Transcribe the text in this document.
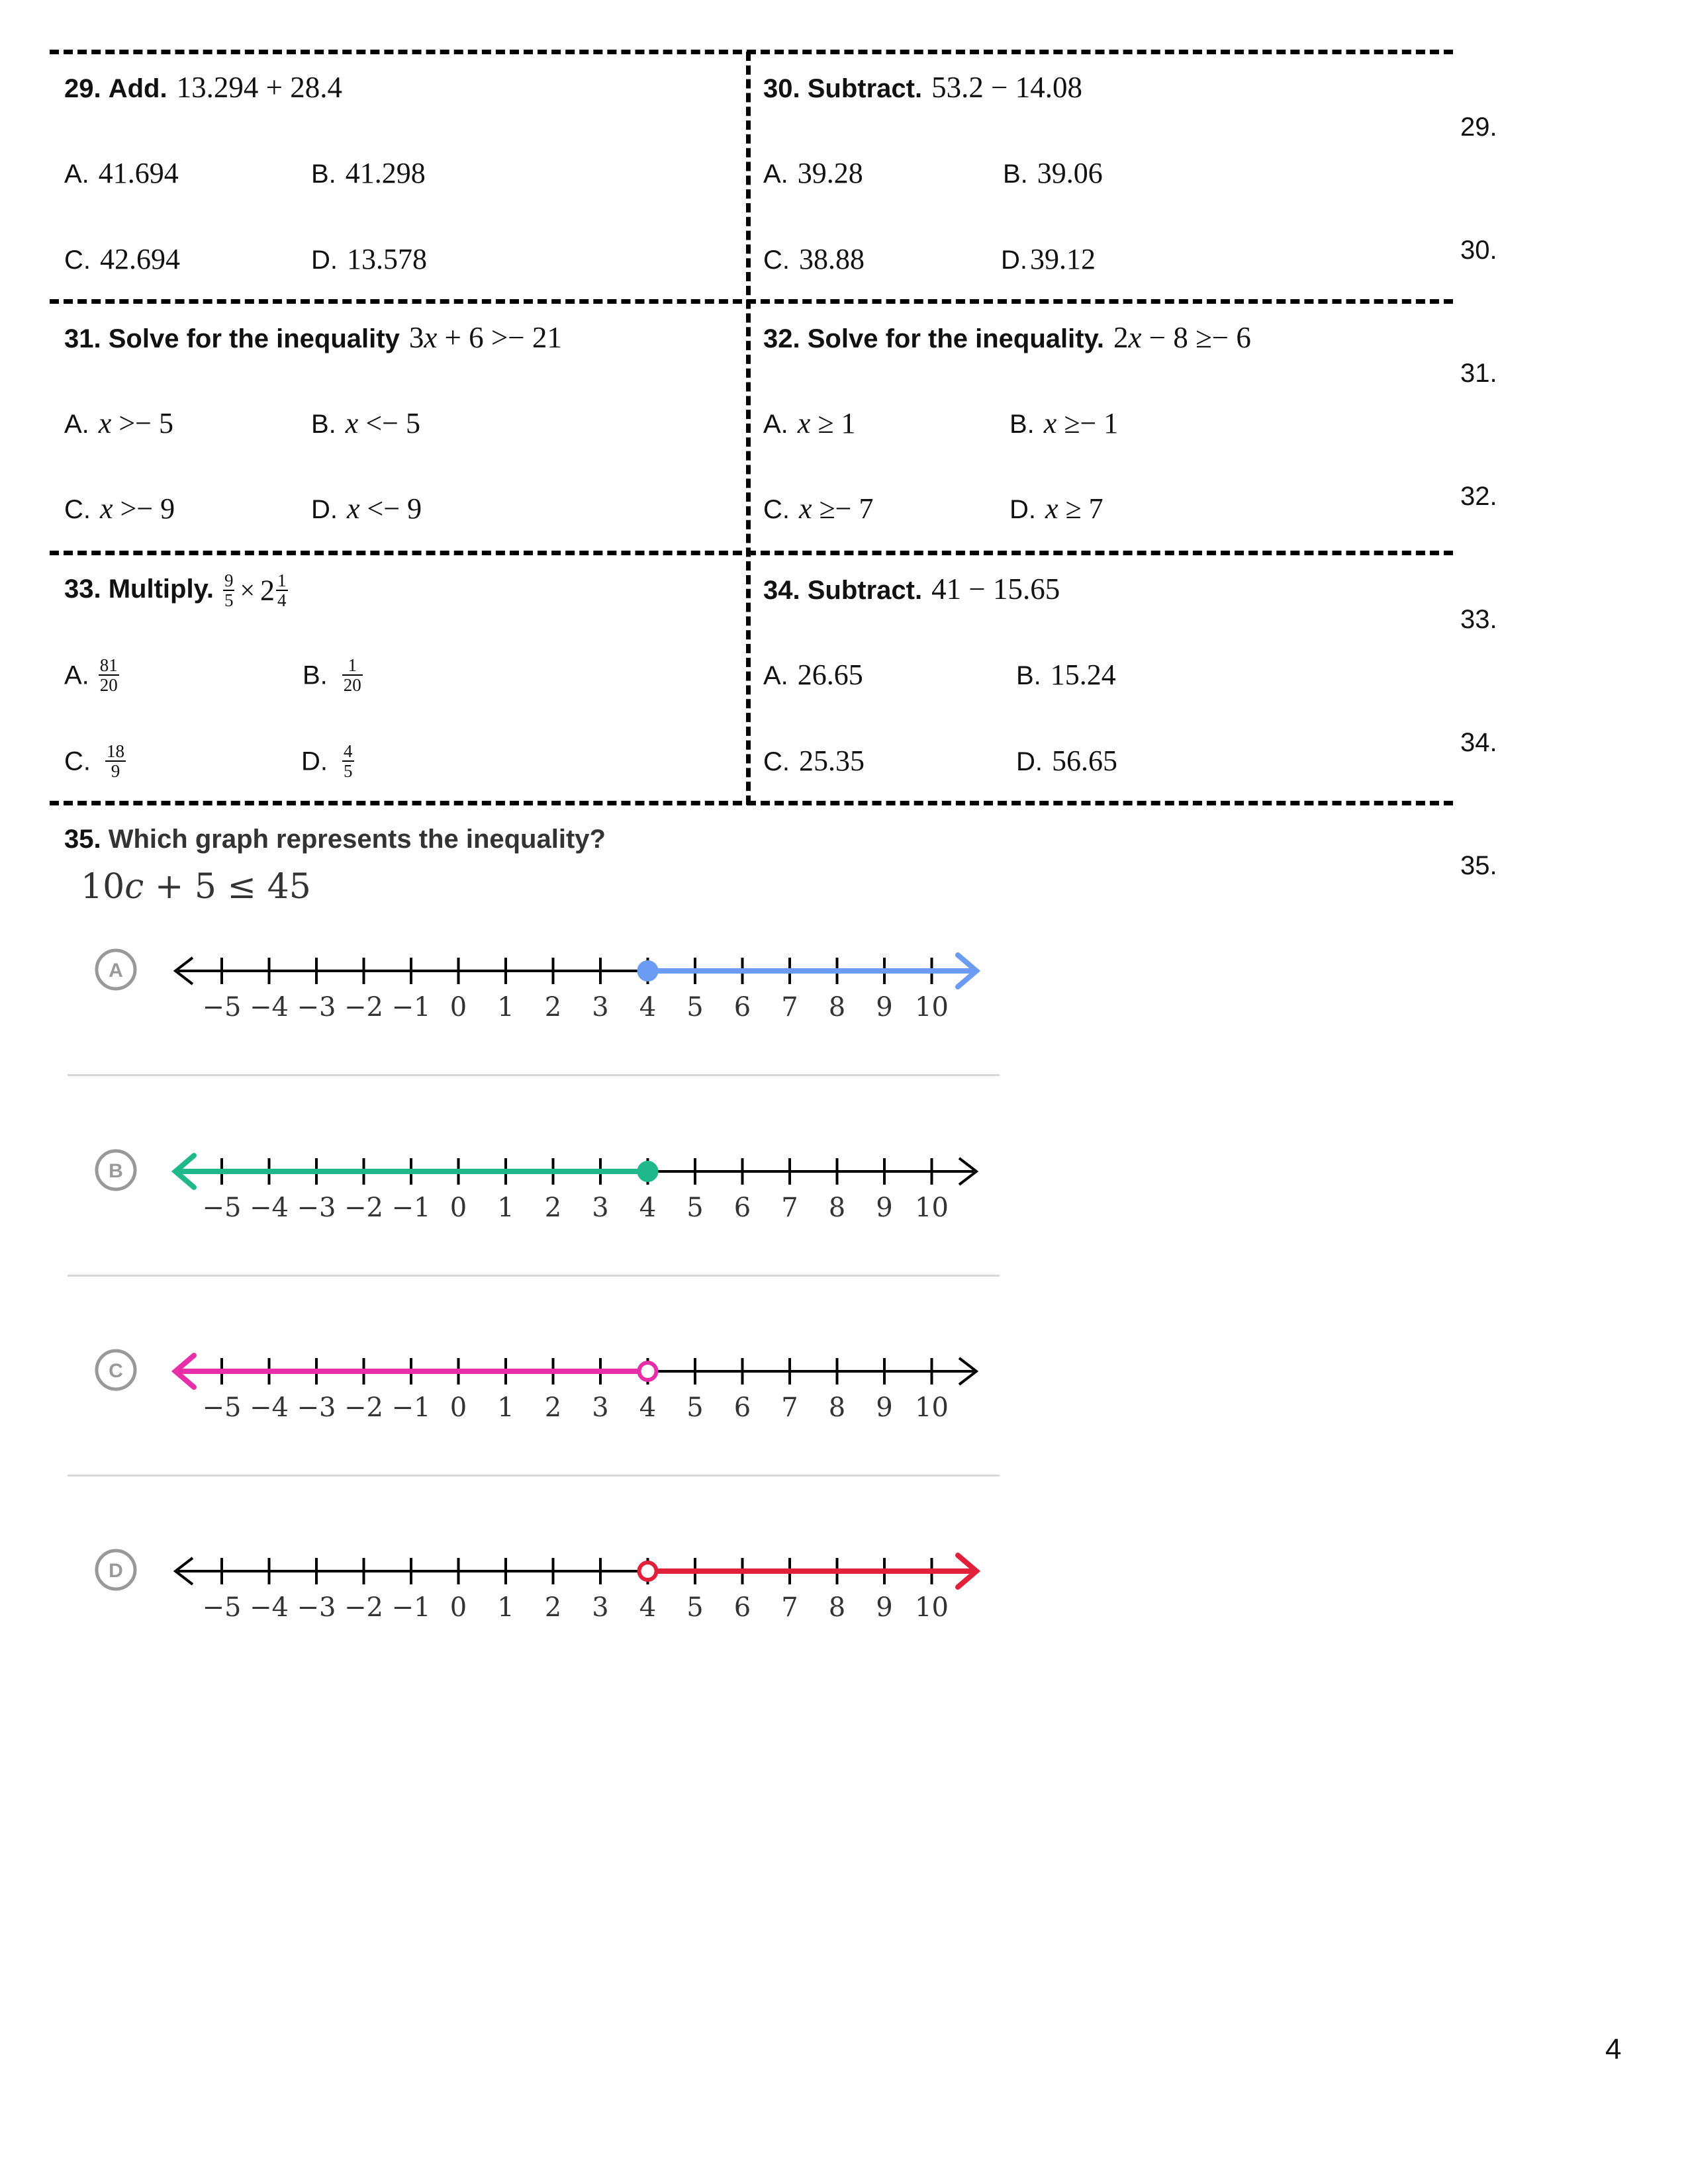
29. Add. 13.294 + 28.4
A. 41.694	B. 41.298
C. 42.694	D. 13.578
30. Subtract. 53.2 − 14.08
A. 39.28	B. 39.06
C. 38.88	D.39.12
31. Solve for the inequality 3x + 6 >− 21
A. x >− 5	B. x <− 5
C. x >− 9	D. x <− 9
32. Solve for the inequality. 2x − 8 ≥− 6
A. x ≥ 1	B. x ≥− 1
C. x ≥− 7	D. x ≥ 7
33. Multiply. $\frac{9}{5} \times 2 \frac{1}{4}$
A. $\frac{81}{20}$	B. $\frac{1}{20}$
C. $\frac{18}{9}$	D. $\frac{4}{5}$
34. Subtract. 41 − 15.65
A. 26.65	B. 15.24
C. 25.35	D. 56.65
35. Which graph represents the inequality?
10c + 5 ≤ 45
A
−5 −4 −3 −2 −1 0 1 2 3 4 5 6 7 8 9 10
B
−5 −4 −3 −2 −1 0 1 2 3 4 5 6 7 8 9 10
C
−5 −4 −3 −2 −1 0 1 2 3 4 5 6 7 8 9 10
D
−5 −4 −3 −2 −1 0 1 2 3 4 5 6 7 8 9 10
29.
30.
31.
32.
33.
34.
35.
4
